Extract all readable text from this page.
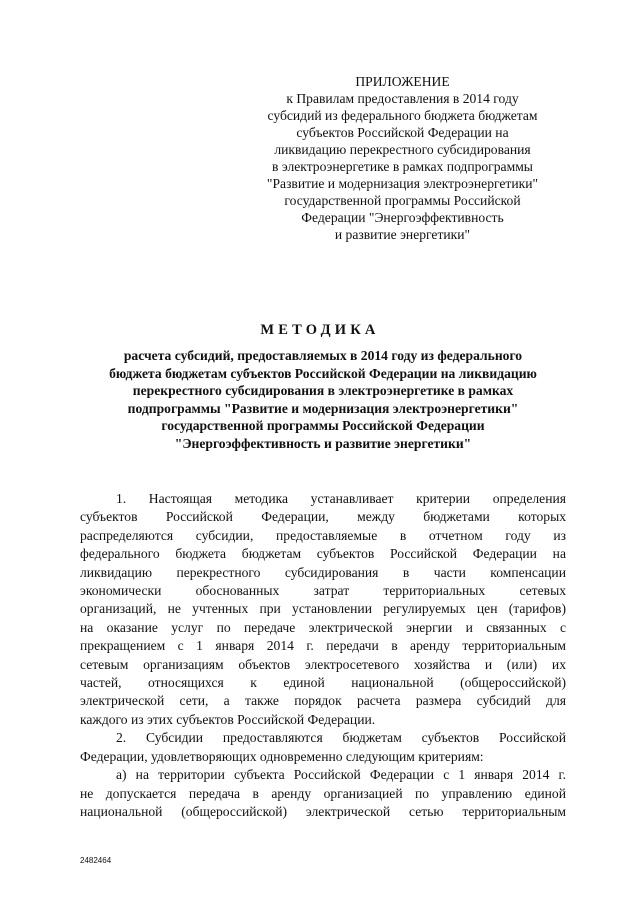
ПРИЛОЖЕНИЕ
к Правилам предоставления в 2014 году
субсидий из федерального бюджета бюджетам
субъектов Российской Федерации на
ликвидацию перекрестного субсидирования
в электроэнергетике в рамках подпрограммы
"Развитие и модернизация электроэнергетики"
государственной программы Российской
Федерации "Энергоэффективность
и развитие энергетики"
МЕТОДИКА
расчета субсидий, предоставляемых в 2014 году из федерального
бюджета бюджетам субъектов Российской Федерации на ликвидацию
перекрестного субсидирования в электроэнергетике в рамках
подпрограммы "Развитие и модернизация электроэнергетики"
государственной программы Российской Федерации
"Энергоэффективность и развитие энергетики"

1. Настоящая методика устанавливает критерии определения
субъектов Российской Федерации, между бюджетами которых
распределяются субсидии, предоставляемые в отчетном году из
федерального бюджета бюджетам субъектов Российской Федерации на
ликвидацию перекрестного субсидирования в части компенсации
экономически обоснованных затрат территориальных сетевых
организаций, не учтенных при установлении регулируемых цен (тарифов)
на оказание услуг по передаче электрической энергии и связанных с
прекращением с 1 января 2014 г. передачи в аренду территориальным
сетевым организациям объектов электросетевого хозяйства и (или) их
частей, относящихся к единой национальной (общероссийской)
электрической сети, а также порядок расчета размера субсидий для
каждого из этих субъектов Российской Федерации.

2. Субсидии предоставляются бюджетам субъектов Российской
Федерации, удовлетворяющих одновременно следующим критериям:

а) на территории субъекта Российской Федерации с 1 января 2014 г.
не допускается передача в аренду организацией по управлению единой
национальной (общероссийской) электрической сетью территориальным

2482464
